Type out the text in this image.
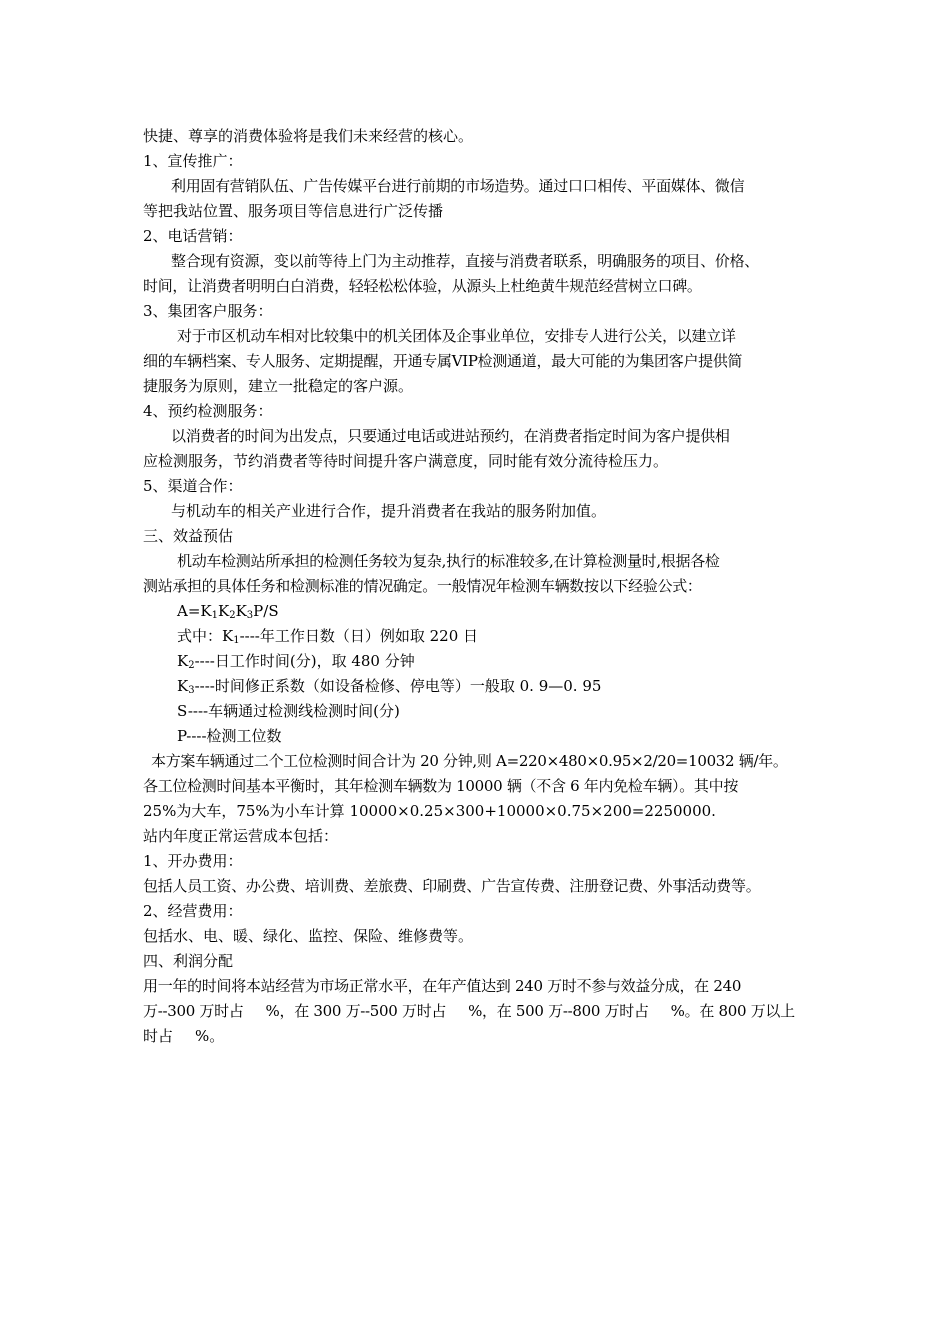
快捷、尊享的消费体验将是我们未来经营的核心。
1、宣传推广：
利用固有营销队伍、广告传媒平台进行前期的市场造势。通过口口相传、平面媒体、微信
等把我站位置、服务项目等信息进行广泛传播
2、电话营销：
整合现有资源，变以前等待上门为主动推荐，直接与消费者联系，明确服务的项目、价格、
时间，让消费者明明白白消费，轻轻松松体验，从源头上杜绝黄牛规范经营树立口碑。
3、集团客户服务：
对于市区机动车相对比较集中的机关团体及企事业单位，安排专人进行公关，以建立详
细的车辆档案、专人服务、定期提醒，开通专属VIP检测通道，最大可能的为集团客户提供简
捷服务为原则，建立一批稳定的客户源。
4、预约检测服务：
以消费者的时间为出发点，只要通过电话或进站预约，在消费者指定时间为客户提供相
应检测服务，节约消费者等待时间提升客户满意度，同时能有效分流待检压力。
5、渠道合作：
与机动车的相关产业进行合作，提升消费者在我站的服务附加值。
三、效益预估
机动车检测站所承担的检测任务较为复杂,执行的标准较多,在计算检测量时,根据各检
测站承担的具体任务和检测标准的情况确定。一般情况年检测车辆数按以下经验公式：
$A=K_1K_2K_3P/S$
式中：$K_1----$年工作日数（日）例如取 220 日
$K_2----$日工作时间(分)，取 480 分钟
$K_3----$时间修正系数（如设备检修、停电等）一般取 0. 9—0. 95
S----车辆通过检测线检测时间(分)
P----检测工位数
本方案车辆通过二个工位检测时间合计为 20 分钟,则 A=220×480×0.95×2/20=10032 辆/年。
各工位检测时间基本平衡时，其年检测车辆数为 10000 辆（不含 6 年内免检车辆）。其中按
25%为大车，75%为小车计算 10000×0.25×300+10000×0.75×200=2250000.
站内年度正常运营成本包括：
1、开办费用：
包括人员工资、办公费、培训费、差旅费、印刷费、广告宣传费、注册登记费、外事活动费等。
2、经营费用：
包括水、电、暖、绿化、监控、保险、维修费等。
四、利润分配
用一年的时间将本站经营为市场正常水平，在年产值达到 240 万时不参与效益分成，在 240
万--300 万时占 %，在 300 万--500 万时占 %，在 500 万--800 万时占 %。在 800 万以上
时占 %。
